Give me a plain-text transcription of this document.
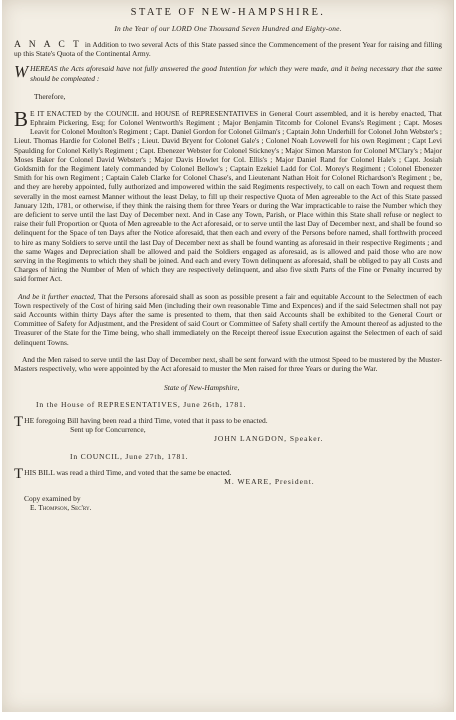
STATE OF NEW-HAMPSHIRE.
In the Year of our LORD One Thousand Seven Hundred and Eighty-one.

A N A C T in Addition to two several Acts of this State passed since the Commencement of the present Year for raising and filling up this State's Quota of the Continental Army.

W HEREAS the Acts aforesaid have not fully answered the good Intention for which they were made, and it being necessary that the same should be compleated :

Therefore,

B E IT ENACTED by the COUNCIL and HOUSE of REPRESENTATIVES in General Court assembled, and it is hereby enacted, That Ephraim Pickering, Esq; for Colonel Wentworth's Regiment ; Major Benjamin Titcomb for Colonel Evans's Regiment ; Capt. Moses Leavit for Colonel Moulton's Regiment ; Capt. Daniel Gordon for Colonel Gilman's ; Captain John Underhill for Colonel John Webster's ; Lieut. Thomas Hardie for Colonel Bell's ; Lieut. David Bryent for Colonel Gale's ; Colonel Noah Lovewell for his own Regiment ; Capt Levi Spaulding for Colonel Kelly's Regiment ; Capt. Ebenezer Webster for Colonel Stickney's ; Major Simon Marston for Colonel M'Clary's ; Major Moses Baker for Colonel David Webster's ; Major Davis Howlet for Col. Ellis's ; Major Daniel Rand for Colonel Hale's ; Capt. Josiah Goldsmith for the Regiment lately commanded by Colonel Bellow's ; Captain Ezekiel Ladd for Col. Morey's Regiment ; Colonel Ebenezer Smith for his own Regiment ; Captain Caleb Clarke for Colonel Chase's, and Lieutenant Nathan Hoit for Colonel Richardson's Regiment ; be, and they are hereby appointed, fully authorized and impowered within the said Regiments respectively, to call on each Town and request them severally in the most earnest Manner without the least Delay, to fill up their respective Quota of Men agreeable to the Act of this State passed January 12th, 1781, or otherwise, if they think the raising them for three Years or during the War impracticable to raise the Number which they are deficient to serve until the last Day of December next. And in Case any Town, Parish, or Place within this State shall refuse or neglect to raise their full Proportion or Quota of Men agreeable to the Act aforesaid, or to serve until the last Day of December next, and shall be found so delinquent for the Space of ten Days after the Notice aforesaid, that then each and every of the Persons before named, shall forthwith proceed to hire as many Soldiers to serve until the last Day of December next as shall be found wanting as aforesaid in their respective Regiments ; and the same Wages and Depreciation shall be allowed and paid the Soldiers engaged as aforesaid, as is allowed and paid those who are now serving in the Regiments to which they shall be joined. And each and every Town delinquent as aforesaid, shall be obliged to pay all Costs and Charges of hiring the Number of Men of which they are respectively delinquent, and also five sixth Parts of the Fine or Penalty incurred by said former Act.

And be it further enacted, That the Persons aforesaid shall as soon as possible present a fair and equitable Account to the Selectmen of each Town respectively of the Cost of hiring said Men (including their own reasonable Time and Expences) and if the said Selectmen shall not pay said Accounts within thirty Days after the same is presented to them, that then said Accounts shall be exhibited to the General Court or Committee of Safety for Adjustment, and the President of said Court or Committee of Safety shall certify the Amount thereof as adjusted to the Treasurer of the State for the Time being, who shall immediately on the Receipt thereof issue Execution against the Selectmen of each of said delinquent Towns.

And the Men raised to serve until the last Day of December next, shall be sent forward with the utmost Speed to be mustered by the Muster-Masters respectively, who were appointed by the Act aforesaid to muster the Men raised for three Years or during the War.

State of New-Hampshire,

In the House of REPRESENTATIVES, June 26th, 1781.

T HE foregoing Bill having been read a third Time, voted that it pass to be enacted.
Sent up for Concurrence,
JOHN LANGDON, Speaker.

In COUNCIL, June 27th, 1781.

T HIS BILL was read a third Time, and voted that the same be enacted.
M. WEARE, President.

Copy examined by
E. Thompson, Sec'ry.
